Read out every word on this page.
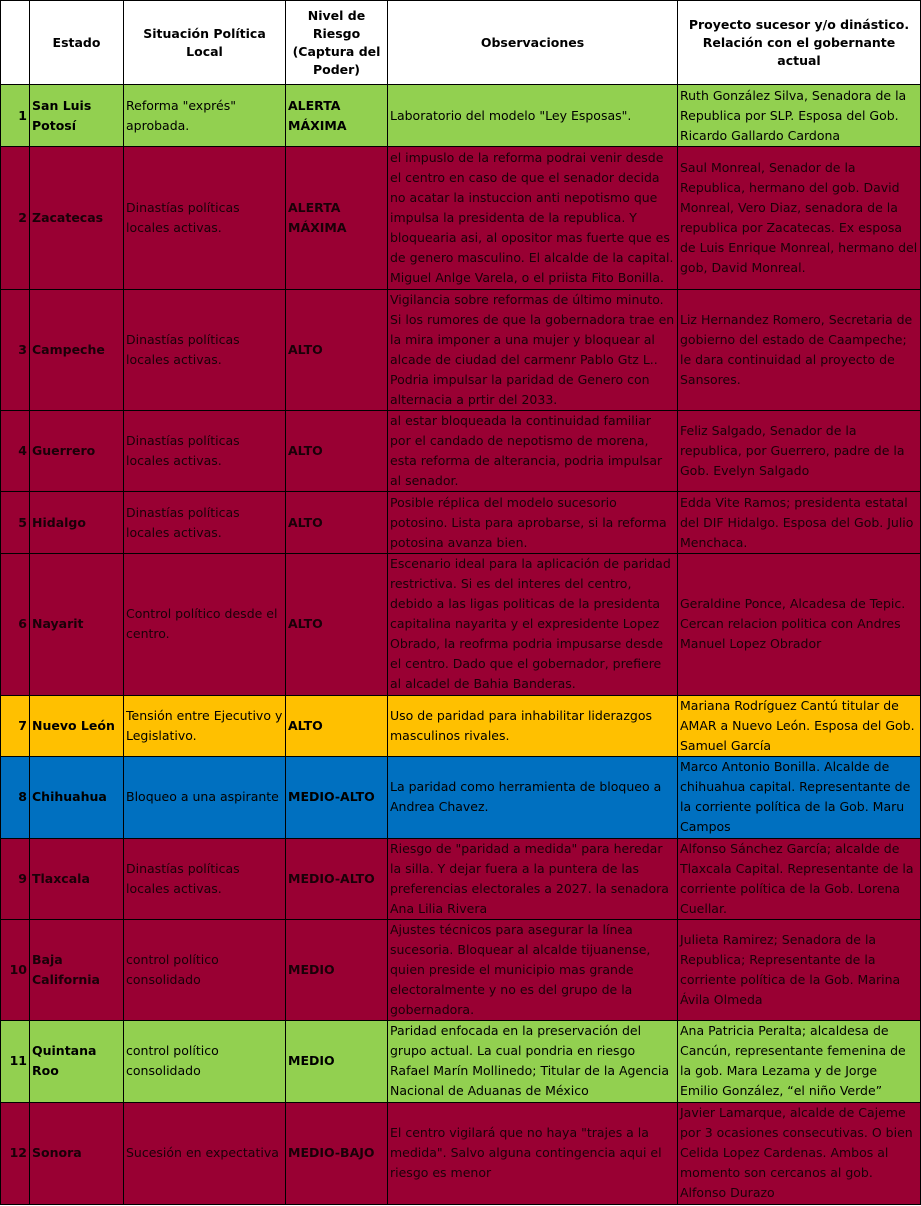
	Estado	Situación Política Local	Nivel de Riesgo (Captura del Poder)	Observaciones	Proyecto sucesor y/o dinástico. Relación con el gobernante actual
1	San Luis Potosí	Reforma "exprés" aprobada.	ALERTA MÁXIMA	Laboratorio del modelo "Ley Esposas".	Ruth González Silva, Senadora de la Republica por SLP. Esposa del Gob. Ricardo Gallardo Cardona
2	Zacatecas	Dinastías políticas locales activas.	ALERTA MÁXIMA	el impuslo de la reforma podrai venir desde el centro en caso de que el senador decida no acatar la instuccion anti nepotismo que impulsa la presidenta de la republica. Y bloquearia asi, al opositor mas fuerte que es de genero masculino. El alcalde de la capital. Miguel Anlge Varela, o el priista Fito Bonilla.	Saul Monreal, Senador de la Republica, hermano del gob. David Monreal, Vero Diaz, senadora de la republica por Zacatecas. Ex esposa de Luis Enrique Monreal, hermano del gob, David Monreal.
3	Campeche	Dinastías políticas locales activas.	ALTO	Vigilancia sobre reformas de último minuto. Si los rumores de que la gobernadora trae en la mira imponer a una mujer y bloquear al alcade de ciudad del carmenr Pablo Gtz L.. Podria impulsar la paridad de Genero con alternacia a prtir del 2033.	Liz Hernandez Romero, Secretaria de gobierno del estado de Caampeche; le dara continuidad al proyecto de Sansores.
4	Guerrero	Dinastías políticas locales activas.	ALTO	al estar bloqueada la continuidad familiar por el candado de nepotismo de morena, esta reforma de alterancia, podria impulsar al senador.	Feliz Salgado, Senador de la republica, por Guerrero, padre de la Gob. Evelyn Salgado
5	Hidalgo	Dinastías políticas locales activas.	ALTO	Posible réplica del modelo sucesorio potosino. Lista para aprobarse, si la reforma potosina avanza bien.	Edda Vite Ramos; presidenta estatal del DIF Hidalgo. Esposa del Gob. Julio Menchaca.
6	Nayarit	Control político desde el centro.	ALTO	Escenario ideal para la aplicación de paridad restrictiva. Si es del interes del centro, debido a las ligas politicas de la presidenta capitalina nayarita y el expresidente Lopez Obrado, la reofrma podria impusarse desde el centro. Dado que el gobernador, prefiere al alcadel de Bahia Banderas.	Geraldine Ponce, Alcadesa de Tepic. Cercan relacion politica con Andres Manuel Lopez Obrador
7	Nuevo León	Tensión entre Ejecutivo y Legislativo.	ALTO	Uso de paridad para inhabilitar liderazgos masculinos rivales.	Mariana Rodríguez Cantú titular de AMAR a Nuevo León. Esposa del Gob. Samuel García
8	Chihuahua	Bloqueo a una aspirante	MEDIO-ALTO	La paridad como herramienta de bloqueo a Andrea Chavez.	Marco Antonio Bonilla. Alcalde de chihuahua capital. Representante de la corriente política de la Gob. Maru Campos
9	Tlaxcala	Dinastías políticas locales activas.	MEDIO-ALTO	Riesgo de "paridad a medida" para heredar la silla. Y dejar fuera a la puntera de las preferencias electorales a 2027. la senadora Ana Lilia Rivera	Alfonso Sánchez García; alcalde de Tlaxcala Capital. Representante de la corriente política de la Gob. Lorena Cuellar.
10	Baja California	control político consolidado	MEDIO	Ajustes técnicos para asegurar la línea sucesoria. Bloquear al alcalde tijuanense, quien preside el municipio mas grande electoralmente y no es del grupo de la gobernadora.	Julieta Ramirez; Senadora de la Republica; Representante de la corriente política de la Gob. Marina Ávila Olmeda
11	Quintana Roo	control político consolidado	MEDIO	Paridad enfocada en la preservación del grupo actual. La cual pondria en riesgo Rafael Marín Mollinedo; Titular de la Agencia Nacional de Aduanas de México	Ana Patricia Peralta; alcaldesa de Cancún, representante femenina de la gob. Mara Lezama y de Jorge Emilio González, “el niño Verde”
12	Sonora	Sucesión en expectativa	MEDIO-BAJO	El centro vigilará que no haya "trajes a la medida". Salvo alguna contingencia aqui el riesgo es menor	Javier Lamarque, alcalde de Cajeme por 3 ocasiones consecutivas. O bien Celida Lopez Cardenas. Ambos al momento son cercanos al gob. Alfonso Durazo
